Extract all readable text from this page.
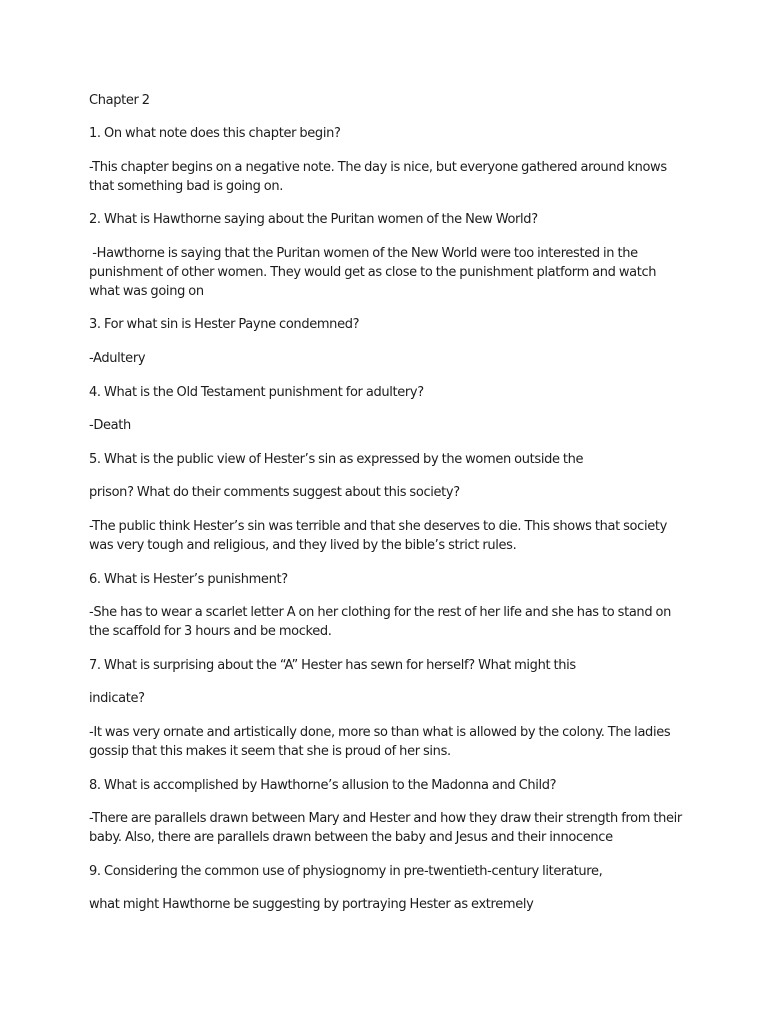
Chapter 2

1. On what note does this chapter begin?

-This chapter begins on a negative note. The day is nice, but everyone gathered around knows that something bad is going on.

2. What is Hawthorne saying about the Puritan women of the New World?

-Hawthorne is saying that the Puritan women of the New World were too interested in the punishment of other women. They would get as close to the punishment platform and watch what was going on

3. For what sin is Hester Payne condemned?

-Adultery

4. What is the Old Testament punishment for adultery?

-Death

5. What is the public view of Hester’s sin as expressed by the women outside the

prison? What do their comments suggest about this society?

-The public think Hester’s sin was terrible and that she deserves to die. This shows that society was very tough and religious, and they lived by the bible’s strict rules.

6. What is Hester’s punishment?

-She has to wear a scarlet letter A on her clothing for the rest of her life and she has to stand on the scaffold for 3 hours and be mocked.

7. What is surprising about the “A” Hester has sewn for herself? What might this

indicate?

-It was very ornate and artistically done, more so than what is allowed by the colony. The ladies gossip that this makes it seem that she is proud of her sins.

8. What is accomplished by Hawthorne’s allusion to the Madonna and Child?

-There are parallels drawn between Mary and Hester and how they draw their strength from their baby. Also, there are parallels drawn between the baby and Jesus and their innocence

9. Considering the common use of physiognomy in pre-twentieth-century literature,

what might Hawthorne be suggesting by portraying Hester as extremely
